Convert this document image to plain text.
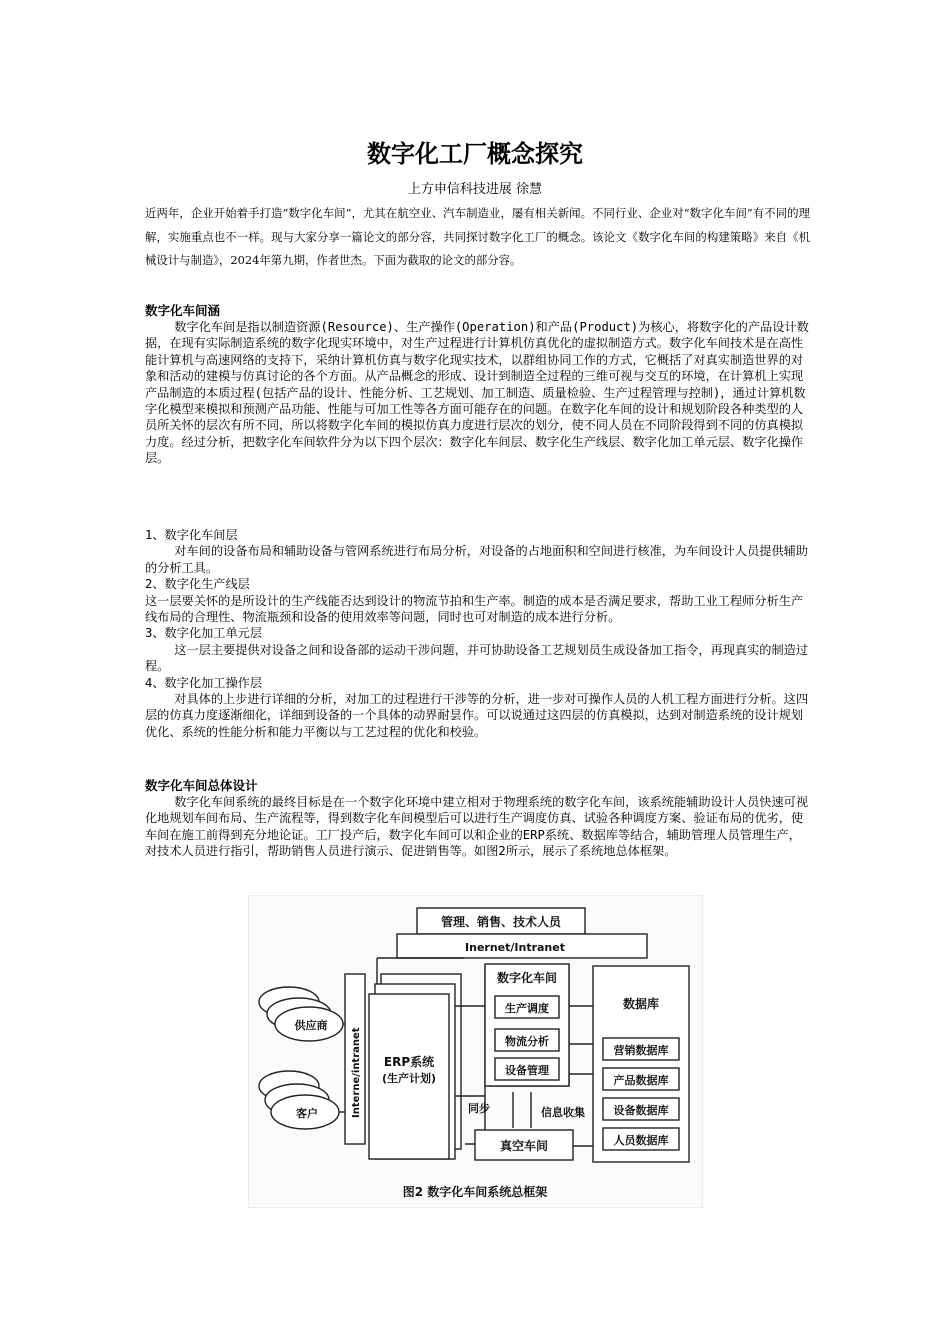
数字化工厂概念探究
上方申信科技进展 徐慧

近两年，企业开始着手打造“数字化车间”，尤其在航空业、汽车制造业，屡有相关新闻。不同行业、企业对“数字化车间”有不同的理解，实施重点也不一样。现与大家分享一篇论文的部分容，共同探讨数字化工厂的概念。该论文《数字化车间的构建策略》来自《机械设计与制造》，2024年第九期，作者世杰。下面为截取的论文的部分容。

数字化车间涵

数字化车间是指以制造资源(Resource)、生产操作(Operation)和产品(Product)为核心，将数字化的产品设计数据，在现有实际制造系统的数字化现实环境中，对生产过程进行计算机仿真优化的虚拟制造方式。数字化车间技术是在高性能计算机与高速网络的支持下，采纳计算机仿真与数字化现实技术，以群组协同工作的方式，它概括了对真实制造世界的对象和活动的建模与仿真讨论的各个方面。从产品概念的形成、设计到制造全过程的三维可视与交互的环境，在计算机上实现产品制造的本质过程(包括产品的设计、性能分析、工艺规划、加工制造、质量检验、生产过程管理与控制)，通过计算机数字化模型来模拟和预测产品功能、性能与可加工性等各方面可能存在的问题。在数字化车间的设计和规划阶段各种类型的人员所关怀的层次有所不同，所以将数字化车间的模拟仿真力度进行层次的划分，使不同人员在不同阶段得到不同的仿真模拟力度。经过分析，把数字化车间软件分为以下四个层次：数字化车间层、数字化生产线层、数字化加工单元层、数字化操作层。

1、数字化车间层

对车间的设备布局和辅助设备与管网系统进行布局分析，对设备的占地面积和空间进行核准，为车间设计人员提供辅助的分析工具。

2、数字化生产线层

这一层要关怀的是所设计的生产线能否达到设计的物流节拍和生产率。制造的成本是否满足要求，帮助工业工程师分析生产线布局的合理性、物流瓶颈和设备的使用效率等问题，同时也可对制造的成本进行分析。

3、数字化加工单元层

这一层主要提供对设备之间和设备部的运动干涉问题，并可协助设备工艺规划员生成设备加工指令，再现真实的制造过程。

4、数字化加工操作层

对具体的上步进行详细的分析，对加工的过程进行干涉等的分析，进一步对可操作人员的人机工程方面进行分析。这四层的仿真力度逐渐细化，详细到设备的一个具体的动界耐昙作。可以说通过这四层的仿真模拟，达到对制造系统的设计规划优化、系统的性能分析和能力平衡以与工艺过程的优化和校验。

数字化车间总体设计

数字化车间系统的最终目标是在一个数字化环境中建立相对于物理系统的数字化车间，该系统能辅助设计人员快速可视化地规划车间布局、生产流程等，得到数字化车间模型后可以进行生产调度仿真、试验各种调度方案、验证布局的优劣，使车间在施工前得到充分地论证。工厂投产后，数字化车间可以和企业的ERP系统、数据库等结合，辅助管理人员管理生产，对技术人员进行指引，帮助销售人员进行演示、促进销售等。如图2所示，展示了系统地总体框架。

管理、销售、技术人员
Inernet/Intranet
Interne/intranet ERP系统
(生产计划)
供应商
客户
数字化车间
生产调度
物流分析
设备管理
数据库
营销数据库
产品数据库
设备数据库
人员数据库
同步	信息收集
真空车间
图2 数字化车间系统总框架
